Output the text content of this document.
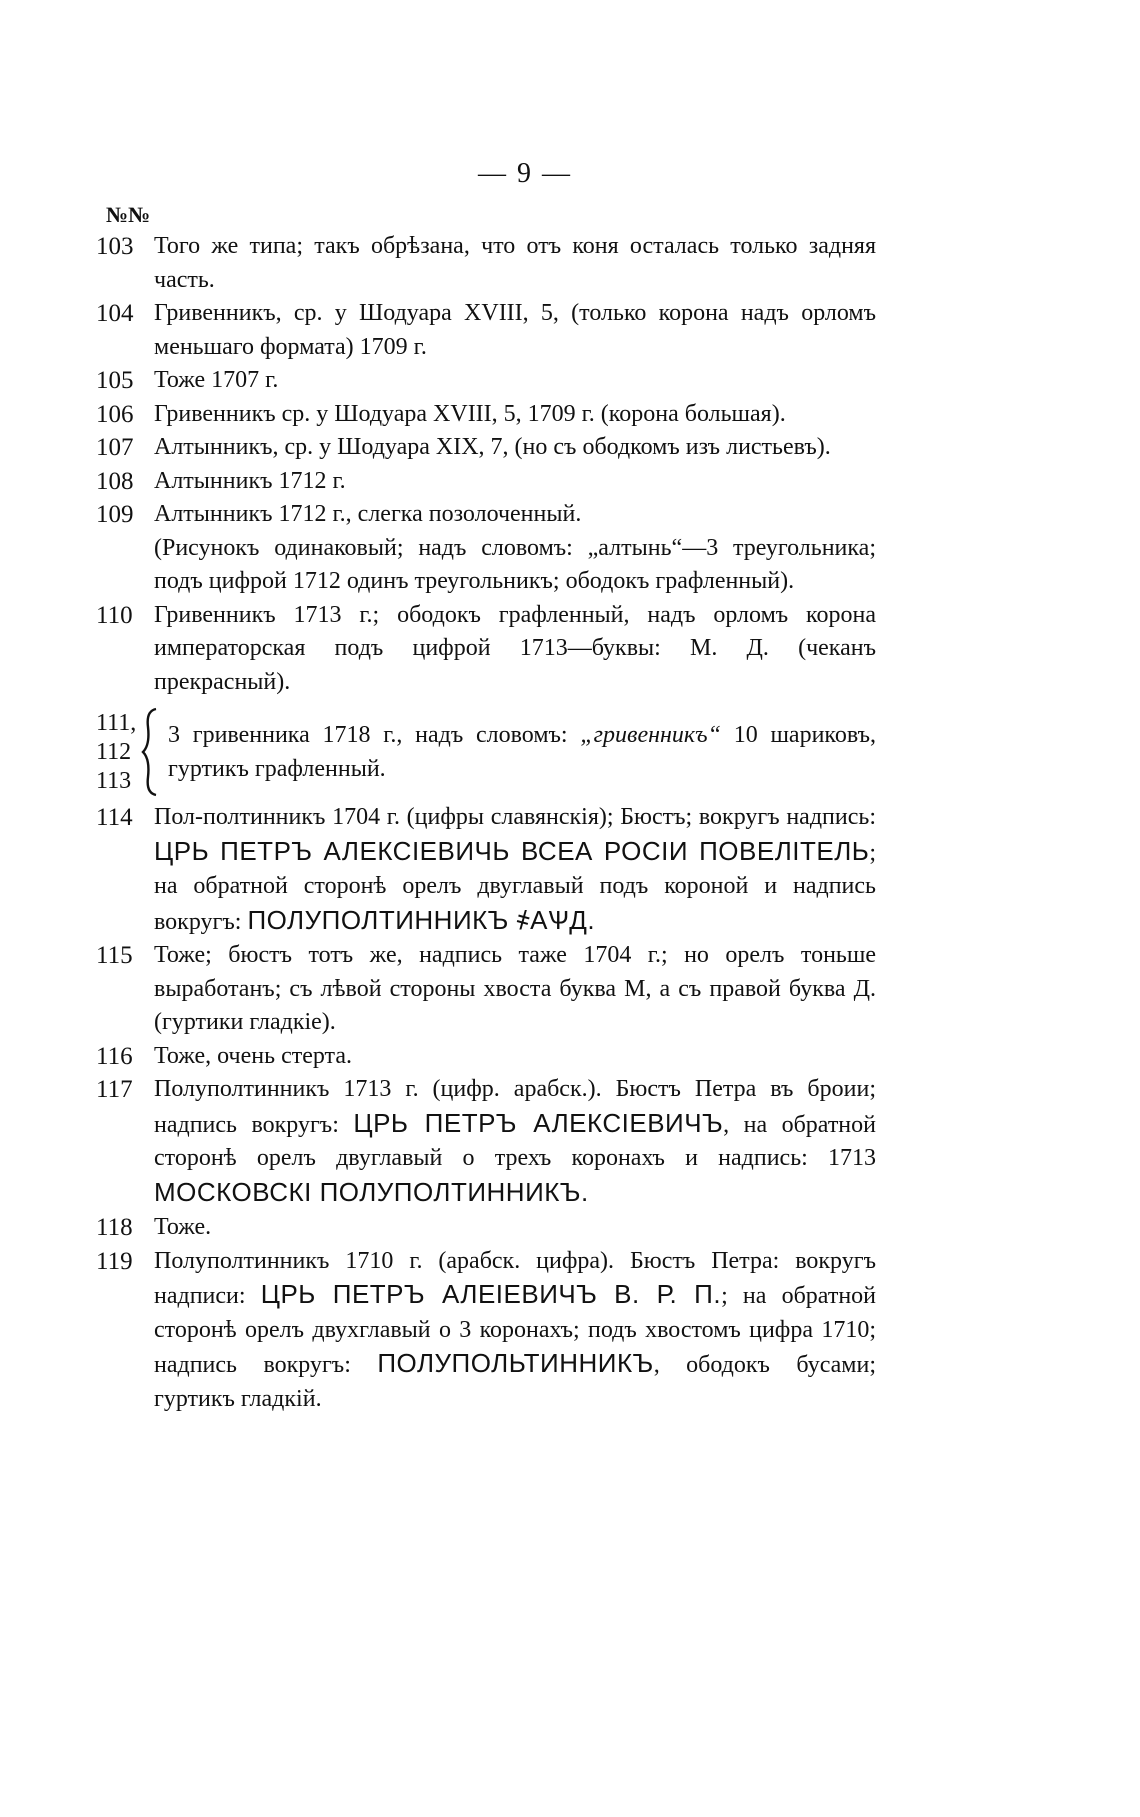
— 9 —
№№
103 Того же типа; такъ обрѣзана, что отъ коня осталась только задняя часть.
104 Гривенникъ, ср. у Шодуара XVIII, 5, (только корона надъ орломъ меньшаго формата) 1709 г.
105 Тоже 1707 г.
106 Гривенникъ ср. у Шодуара XVIII, 5, 1709 г. (корона большая).
107 Алтынникъ, ср. у Шодуара XIX, 7, (но съ ободкомъ изъ листьевъ).
108 Алтынникъ 1712 г.
109 Алтынникъ 1712 г., слегка позолоченный.
(Рисунокъ одинаковый; надъ словомъ: „алтынь“—3 треугольника; подъ цифрой 1712 одинъ треугольникъ; ободокъ графленный).
110 Гривенникъ 1713 г.; ободокъ графленный, надъ орломъ корона императорская подъ цифрой 1713—буквы: М. Д. (чеканъ прекрасный).
111,
112
113
3 гривенника 1718 г., надъ словомъ: „гривенникъ“ 10 шариковъ, гуртикъ графленный.
114 Пол-полтинникъ 1704 г. (цифры славянскія); Бюстъ; вокругъ надпись: ЦРЬ ПЕТРЪ АЛЕКСІЕВИЧЬ ВСЕА РОСІИ ПОВЕЛІТЕЛЬ; на обратной сторонѣ орелъ двуглавый подъ короной и надпись вокругъ: ПОЛУПОЛТИННИКЪ ҂АѰД.
115 Тоже; бюстъ тотъ же, надпись таже 1704 г.; но орелъ тоньше выработанъ; съ лѣвой стороны хвоста буква М, а съ правой буква Д. (гуртики гладкіе).
116 Тоже, очень стерта.
117 Полуполтинникъ 1713 г. (цифр. арабск.). Бюстъ Петра въ броии; надпись вокругъ: ЦРЬ ПЕТРЪ АЛЕКСІЕВИЧЪ, на обратной сторонѣ орелъ двуглавый о трехъ коронахъ и надпись: 1713 МОСКОВСКІ ПОЛУПОЛТИННИКЪ.
118 Тоже.
119 Полуполтинникъ 1710 г. (арабск. цифра). Бюстъ Петра: вокругъ надписи: ЦРЬ ПЕТРЪ АЛЕІЕВИЧЪ В. Р. П.; на обратной сторонѣ орелъ двухглавый о 3 коронахъ; подъ хвостомъ цифра 1710; надпись вокругъ: ПОЛУПОЛЬТИННИКЪ, ободокъ бусами; гуртикъ гладкій.
